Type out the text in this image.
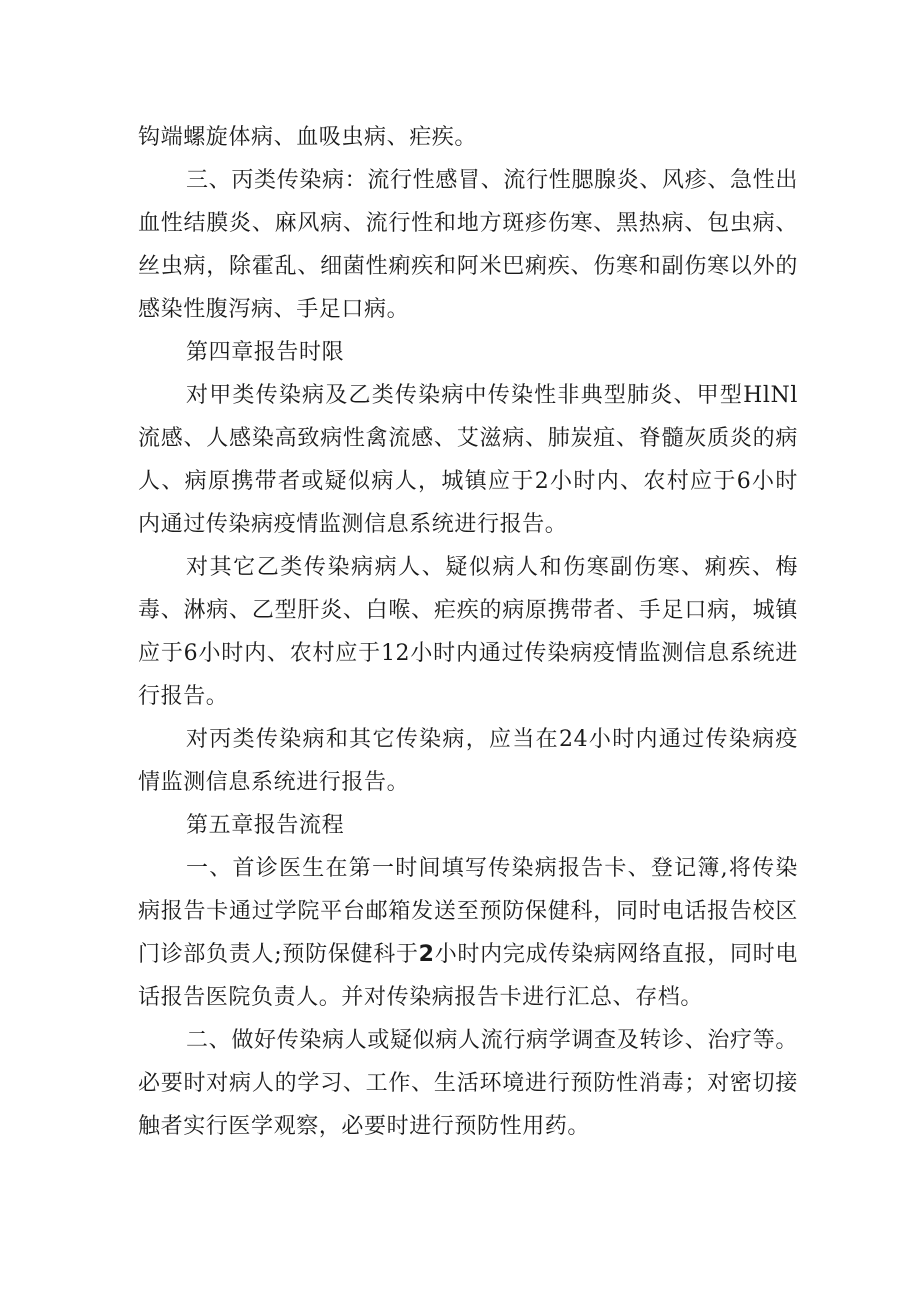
钩端螺旋体病、血吸虫病、疟疾。

三、丙类传染病：流行性感冒、流行性腮腺炎、风疹、急性出血性结膜炎、麻风病、流行性和地方斑疹伤寒、黑热病、包虫病、丝虫病，除霍乱、细菌性痢疾和阿米巴痢疾、伤寒和副伤寒以外的感染性腹泻病、手足口病。

第四章报告时限

对甲类传染病及乙类传染病中传染性非典型肺炎、甲型HlNl流感、人感染高致病性禽流感、艾滋病、肺炭疽、脊髓灰质炎的病人、病原携带者或疑似病人，城镇应于2小时内、农村应于6小时内通过传染病疫情监测信息系统进行报告。

对其它乙类传染病病人、疑似病人和伤寒副伤寒、痢疾、梅毒、淋病、乙型肝炎、白喉、疟疾的病原携带者、手足口病，城镇应于6小时内、农村应于12小时内通过传染病疫情监测信息系统进行报告。

对丙类传染病和其它传染病，应当在24小时内通过传染病疫情监测信息系统进行报告。

第五章报告流程

一、首诊医生在第一时间填写传染病报告卡、登记簿,将传染病报告卡通过学院平台邮箱发送至预防保健科，同时电话报告校区门诊部负责人;预防保健科于2小时内完成传染病网络直报，同时电话报告医院负责人。并对传染病报告卡进行汇总、存档。

二、做好传染病人或疑似病人流行病学调查及转诊、治疗等。必要时对病人的学习、工作、生活环境进行预防性消毒；对密切接触者实行医学观察，必要时进行预防性用药。
